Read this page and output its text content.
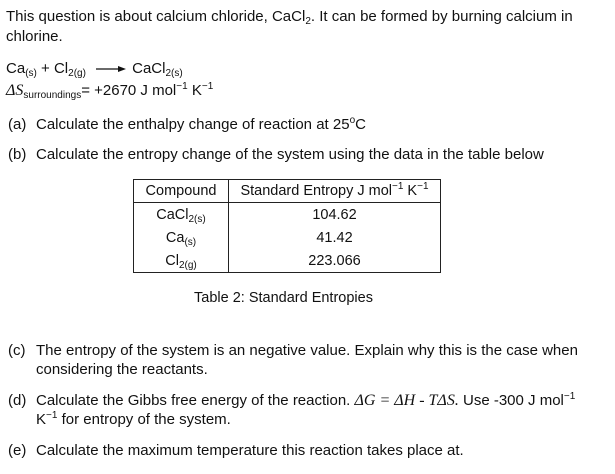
This question is about calcium chloride, CaCl$_2$. It can be formed by burning calcium in
chlorine.
$Ca_{(s)} + Cl_{2(g)}$ → CaCl$_{2(s)}$
$\Delta S_{surroundings}= +2670$ J mol$^{-1}$ $K^{-1}$
(a) Calculate the enthalpy change of reaction at 25$^o$C
(b) Calculate the entropy change of the system using the data in the table below
Compound	Standard Entropy J mol$^{-1}$ $K^{-1}$
CaCl$_{2(s)}$	104.62
$Ca_{(s)}$	41.42
$Cl_{2(g)}$	223.066
Table 2: Standard Entropies
(c) The entropy of the system is an negative value. Explain why this is the case when
considering the reactants.
(d) Calculate the Gibbs free energy of the reaction. ΔG = ΔH - TΔS. Use -300 J mol$^{-1}$
$K^{-1}$ for entropy of the system.
(e) Calculate the maximum temperature this reaction takes place at.
